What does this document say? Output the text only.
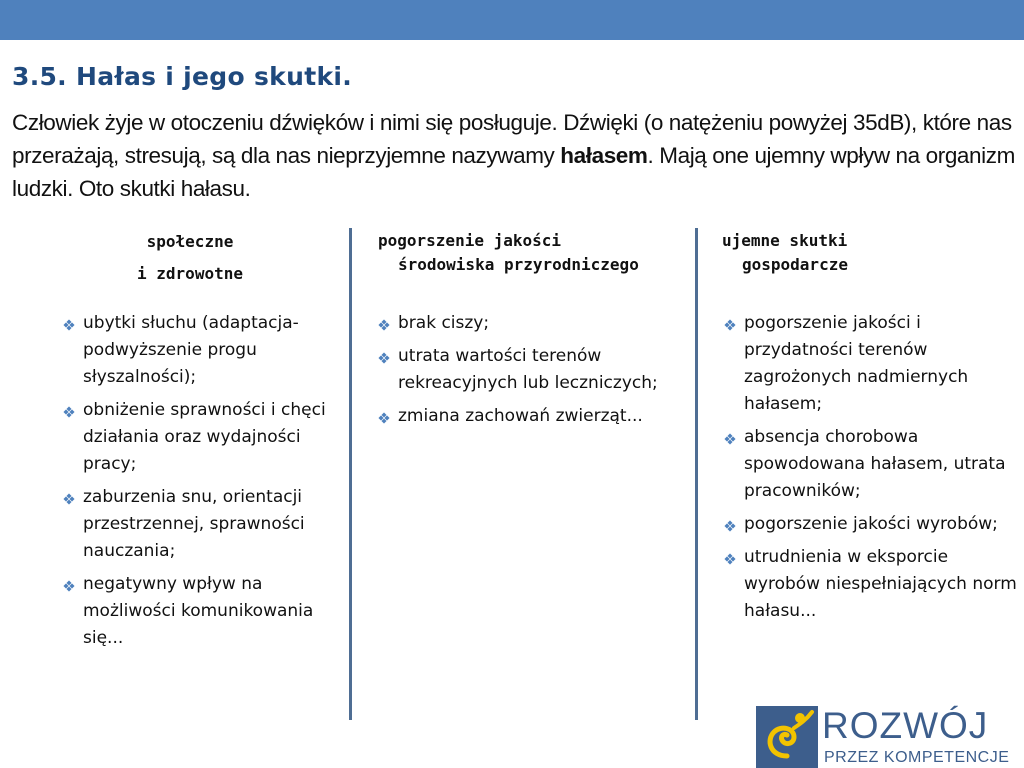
3.5. Hałas i jego skutki.

Człowiek żyje w otoczeniu dźwięków i nimi się posługuje. Dźwięki (o natężeniu powyżej 35dB), które nas przerażają, stresują, są dla nas nieprzyjemne nazywamy hałasem. Mają one ujemny wpływ na organizm ludzki. Oto skutki hałasu.

społeczne
i zdrowotne
pogorszenie jakości
środowiska przyrodniczego
ujemne skutki
gospodarcze
ubytki słuchu (adaptacja-podwyższenie progu słyszalności);
obniżenie sprawności i chęci działania oraz wydajności pracy;
zaburzenia snu, orientacji przestrzennej, sprawności nauczania;
negatywny wpływ na możliwości komunikowania się...
brak ciszy;
utrata wartości terenów rekreacyjnych lub leczniczych;
zmiana zachowań zwierząt...
pogorszenie jakości i przydatności terenów zagrożonych nadmiernych hałasem;
absencja chorobowa spowodowana hałasem, utrata pracowników;
pogorszenie jakości wyrobów;
utrudnienia w eksporcie wyrobów niespełniających norm hałasu...
ROZWÓJ
PRZEZ KOMPETENCJE
